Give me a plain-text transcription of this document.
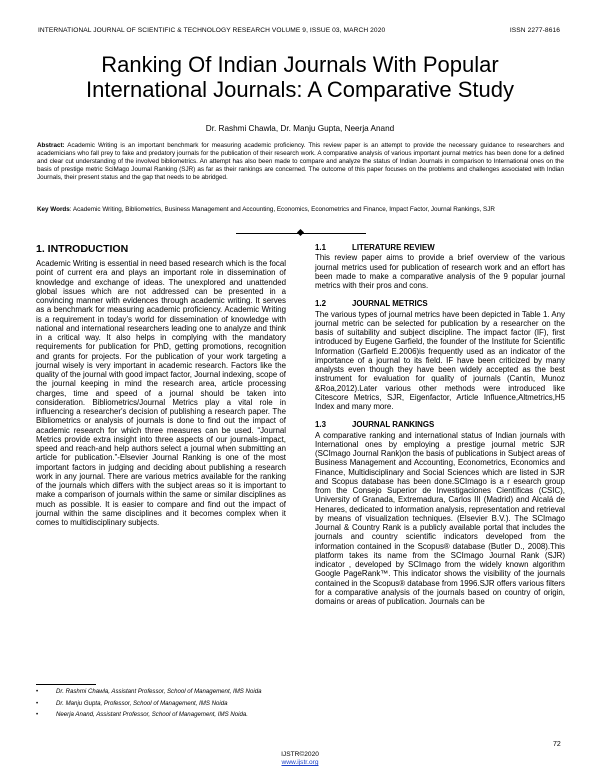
INTERNATIONAL JOURNAL OF SCIENTIFIC & TECHNOLOGY RESEARCH VOLUME 9, ISSUE 03, MARCH 2020	ISSN 2277-8616
Ranking Of Indian Journals With Popular
International Journals: A Comparative Study
Dr. Rashmi Chawla, Dr. Manju Gupta, Neerja Anand
Abstract: Academic Writing is an important benchmark for measuring academic proficiency. This review paper is an attempt to provide the necessary guidance to researchers and academicians who fall prey to fake and predatory journals for the publication of their research work. A comparative analysis of various important journal metrics has been done for a defined and clear cut understanding of the involved bibliometrics. An attempt has also been made to compare and analyze the status of Indian Journals in comparison to International ones on the basis of prestige metric SciMago Journal Ranking (SJR) as far as their rankings are concerned. The outcome of this paper focuses on the problems and challenges associated with Indian Journals, their present status and the gap that needs to be abridged.
Key Words: Academic Writing, Bibliometrics, Business Management and Accounting, Economics, Econometrics and Finance, Impact Factor, Journal Rankings, SJR
1. INTRODUCTION

Academic Writing is essential in need based research which is the focal point of current era and plays an important role in dissemination of knowledge and exchange of ideas. The unexplored and unattended global issues which are not addressed can be presented in a convincing manner with evidences through academic writing. It serves as a benchmark for measuring academic proficiency. Academic Writing is a requirement in today’s world for dissemination of knowledge with national and international researchers leading one to analyze and think in a critical way. It also helps in complying with the mandatory requirements for publication for PhD, getting promotions, recognition and grants for projects. For the publication of your work targeting a journal wisely is very important in academic research. Factors like the quality of the journal with good impact factor, Journal indexing, scope of the journal keeping in mind the research area, article processing charges, time and speed of a journal should be taken into consideration. Bibliometrics/Journal Metrics play a vital role in influencing a researcher's decision of publishing a research paper. The Bibliometrics or analysis of journals is done to find out the impact of academic research for which three measures can be used. “Journal Metrics provide extra insight into three aspects of our journals-impact, speed and reach-and help authors select a journal when submitting an article for publication.”-Elsevier Journal Ranking is one of the most important factors in judging and deciding about publishing a research work in any journal. There are various metrics available for the ranking of the journals which differs with the subject areas so it is important to make a comparison of journals within the same or similar disciplines as much as possible. It is easier to compare and find out the impact of journal within the same disciplines and it becomes complex when it comes to multidisciplinary subjects.

1.1	LITERATURE REVIEW

This review paper aims to provide a brief overview of the various journal metrics used for publication of research work and an effort has been made to make a comparative analysis of the 9 popular journal metrics with their pros and cons.

1.2	JOURNAL METRICS

The various types of journal metrics have been depicted in Table 1. Any journal metric can be selected for publication by a researcher on the basis of suitability and subject discipline. The impact factor (IF), first introduced by Eugene Garfield, the founder of the Institute for Scientific Information (Garfield E.2006)is frequently used as an indicator of the importance of a journal to its field. IF have been criticized by many analysts even though they have been widely accepted as the best instrument for evaluation for quality of journals (Cantín, Munoz &Roa,2012).Later various other methods were introduced like Citescore Metrics, SJR, Eigenfactor, Article Influence,Altmetrics,H5 Index and many more.

1.3	JOURNAL RANKINGS

A comparative ranking and international status of Indian journals with International ones by employing a prestige journal metric SJR (SCImago Journal Rank)on the basis of publications in Subject areas of Business Management and Accounting, Econometrics, Economics and Finance, Multidisciplinary and Social Sciences which are listed in SJR and Scopus database has been done.SCImago is a r esearch group from the Consejo Superior de Investigaciones Científicas (CSIC), University of Granada, Extremadura, Carlos III (Madrid) and Alcalá de Henares, dedicated to information analysis, representation and retrieval by means of visualization techniques. (Elsevier B.V.). The SCImago Journal & Country Rank is a publicly available portal that includes the journals and country scientific indicators developed from the information contained in the Scopus® database (Butler D., 2008).This platform takes its name from the SCImago Journal Rank (SJR) indicator , developed by SCImago from the widely known algorithm Google PageRank™. This indicator shows the visibility of the journals contained in the Scopus® database from 1996.SJR offers various filters for a comparative analysis of the journals based on country of origin, domains or areas of publication. Journals can be

•	Dr. Rashmi Chawla, Assistant Professor, School of Management, IMS Noida
•	Dr. Manju Gupta, Professor, School of Management, IMS Noida
•	Neerja Anand, Assistant Professor, School of Management, IMS Noida.
72
IJSTR©2020
www.ijstr.org
